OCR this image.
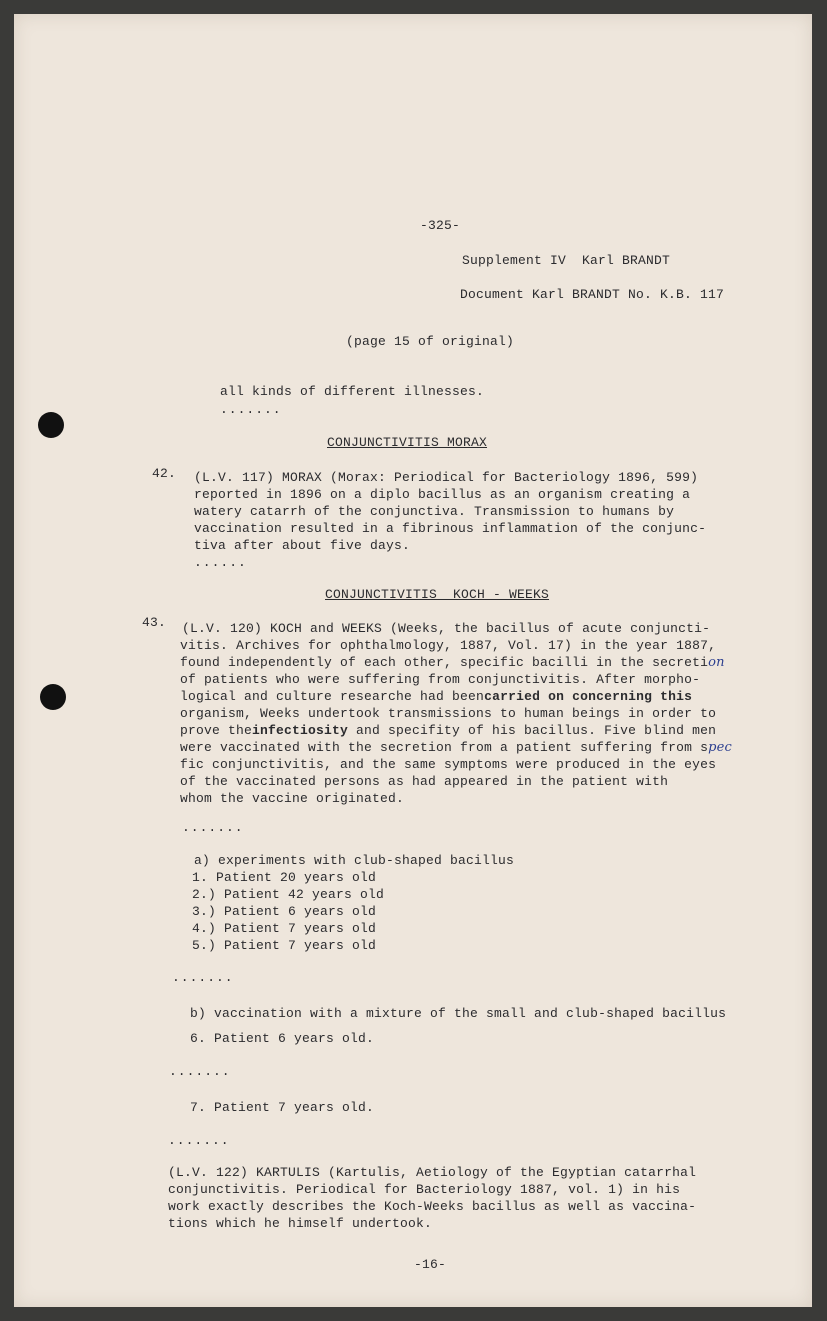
-325-
Supplement IV  Karl BRANDT
Document Karl BRANDT No. K.B. 117
(page 15 of original)
all kinds of different illnesses.
.......
CONJUNCTIVITIS MORAX
42. (L.V. 117) MORAX (Morax: Periodical for Bacteriology 1896, 599)
reported in 1896 on a diplo bacillus as an organism creating a
watery catarrh of the conjunctiva. Transmission to humans by
vaccination resulted in a fibrinous inflammation of the conjunc-
tiva after about five days.
......
CONJUNCTIVITIS  KOCH - WEEKS
43. (L.V. 120) KOCH and WEEKS (Weeks, the bacillus of acute conjuncti-
vitis. Archives for ophthalmology, 1887, Vol. 17) in the year 1887,
found independently of each other, specific bacilli in the secretion
of patients who were suffering from conjunctivitis. After morpho-
logical and culture researche had beencarried on concerning this
organism, Weeks undertook transmissions to human beings in order to
prove theinfectiosity and specifity of his bacillus. Five blind men
were vaccinated with the secretion from a patient suffering from spec
fic conjunctivitis, and the same symptoms were produced in the eyes
of the vaccinated persons as had appeared in the patient with
whom the vaccine originated.
.......
a) experiments with club-shaped bacillus
1. Patient 20 years old
2.) Patient 42 years old
3.) Patient 6 years old
4.) Patient 7 years old
5.) Patient 7 years old
.......
b) vaccination with a mixture of the small and club-shaped bacillus
6. Patient 6 years old.
.......
7. Patient 7 years old.
.......
(L.V. 122) KARTULIS (Kartulis, Aetiology of the Egyptian catarrhal
conjunctivitis. Periodical for Bacteriology 1887, vol. 1) in his
work exactly describes the Koch-Weeks bacillus as well as vaccina-
tions which he himself undertook.
-16-
